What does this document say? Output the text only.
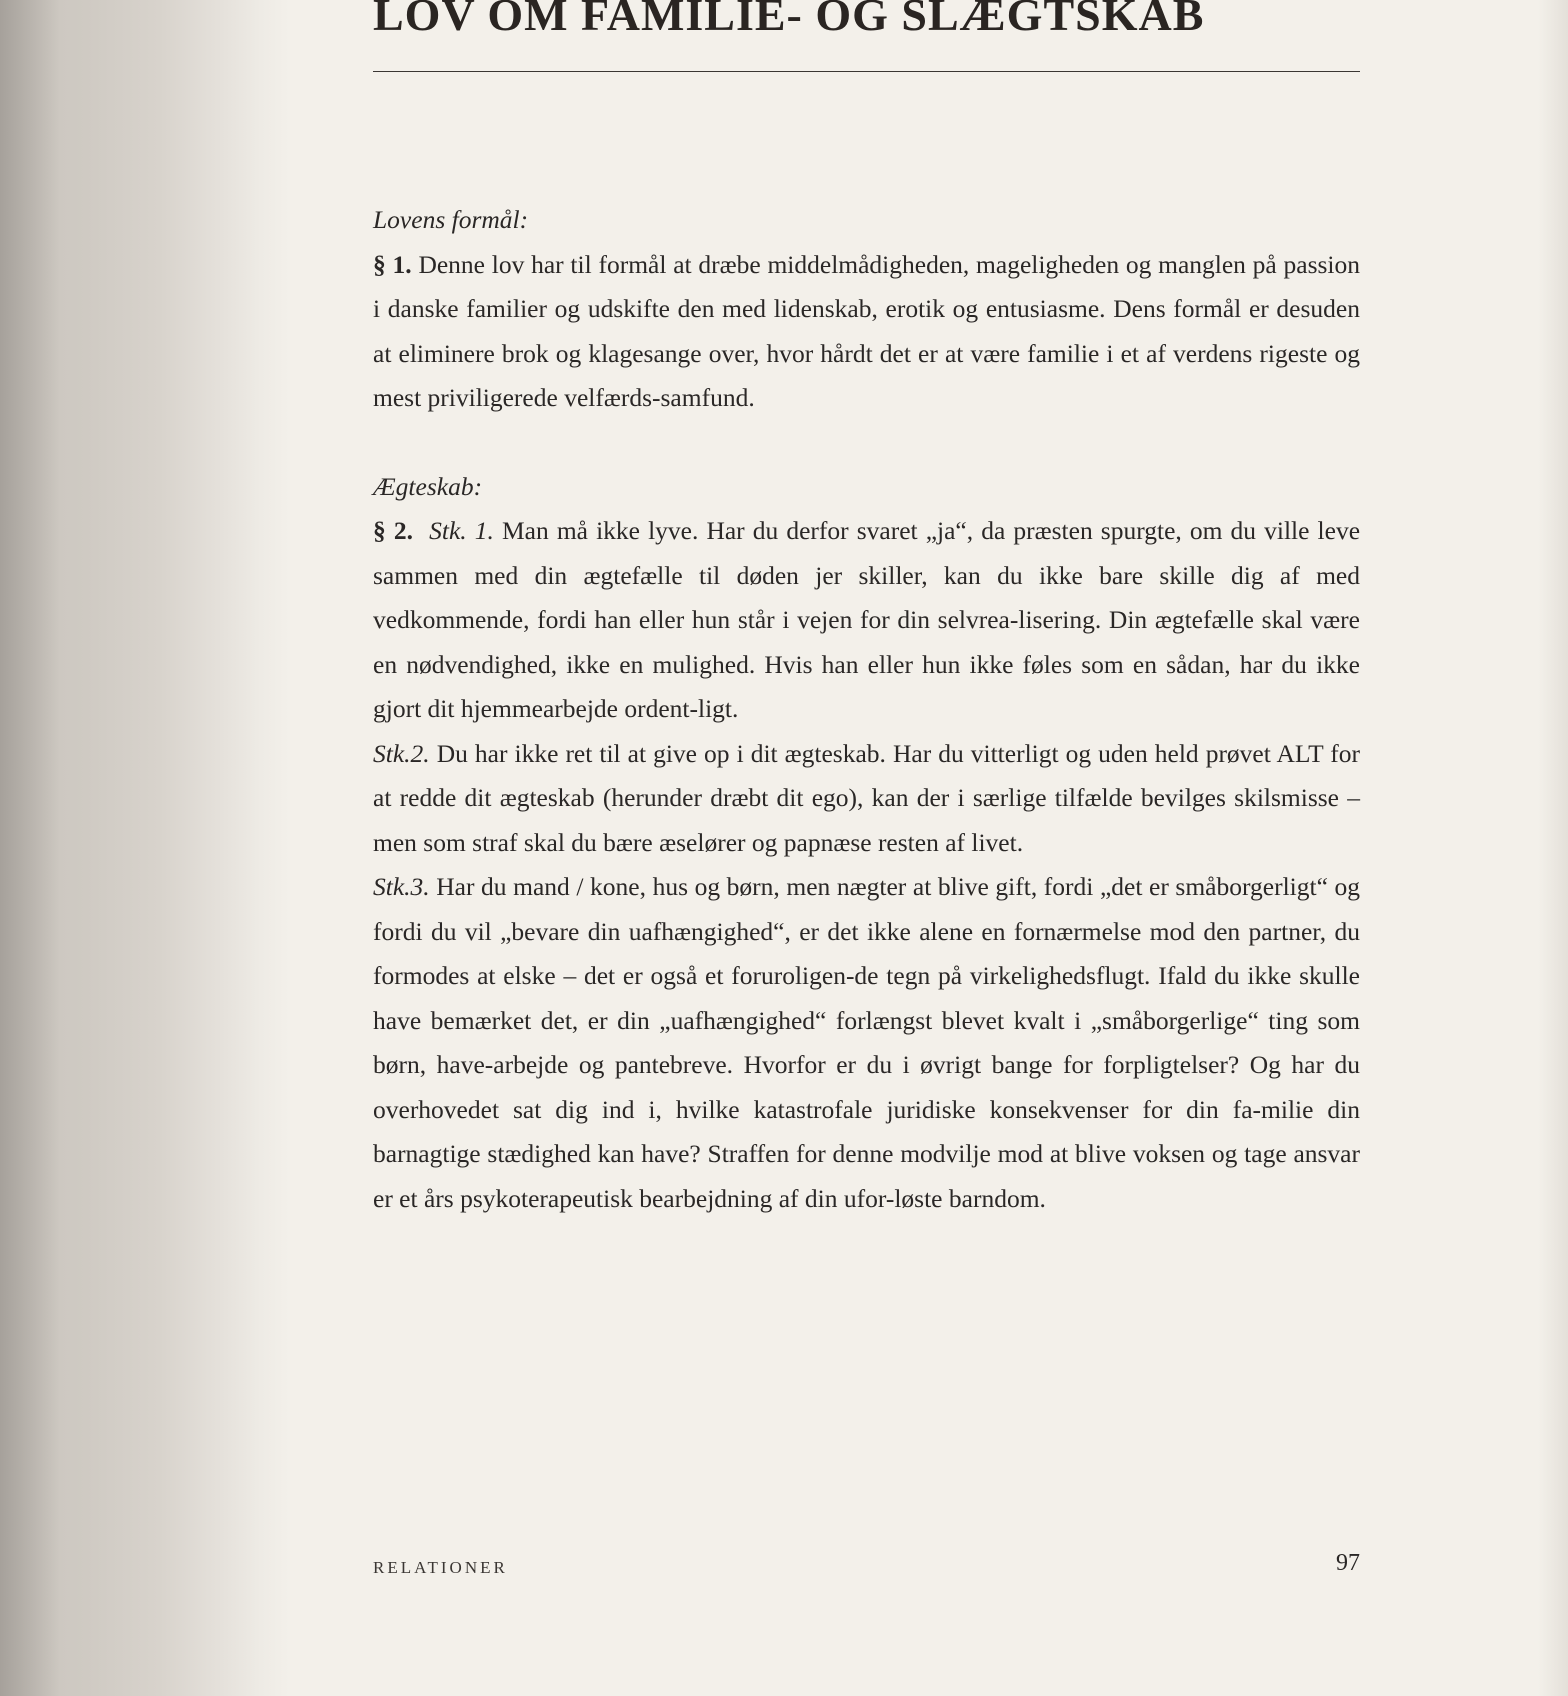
LOV OM FAMILIE- OG SLÆGTSKAB

Lovens formål:

§ 1. Denne lov har til formål at dræbe middelmådigheden, mageligheden og manglen på passion i danske familier og udskifte den med lidenskab, erotik og entusiasme. Dens formål er desuden at eliminere brok og klagesange over, hvor hårdt det er at være familie i et af verdens rigeste og mest priviligerede velfærds-samfund.

Ægteskab:

§ 2. Stk. 1. Man må ikke lyve. Har du derfor svaret „ja“, da præsten spurgte, om du ville leve sammen med din ægtefælle til døden jer skiller, kan du ikke bare skille dig af med vedkommende, fordi han eller hun står i vejen for din selvrea-lisering. Din ægtefælle skal være en nødvendighed, ikke en mulighed. Hvis han eller hun ikke føles som en sådan, har du ikke gjort dit hjemmearbejde ordent-ligt.

Stk.2. Du har ikke ret til at give op i dit ægteskab. Har du vitterligt og uden held prøvet ALT for at redde dit ægteskab (herunder dræbt dit ego), kan der i særlige tilfælde bevilges skilsmisse – men som straf skal du bære æselører og papnæse resten af livet.

Stk.3. Har du mand / kone, hus og børn, men nægter at blive gift, fordi „det er småborgerligt“ og fordi du vil „bevare din uafhængighed“, er det ikke alene en fornærmelse mod den partner, du formodes at elske – det er også et foruroligen-de tegn på virkelighedsflugt. Ifald du ikke skulle have bemærket det, er din „uafhængighed“ forlængst blevet kvalt i „småborgerlige“ ting som børn, have-arbejde og pantebreve. Hvorfor er du i øvrigt bange for forpligtelser? Og har du overhovedet sat dig ind i, hvilke katastrofale juridiske konsekvenser for din fa-milie din barnagtige stædighed kan have? Straffen for denne modvilje mod at blive voksen og tage ansvar er et års psykoterapeutisk bearbejdning af din ufor-løste barndom.

RELATIONER	97
